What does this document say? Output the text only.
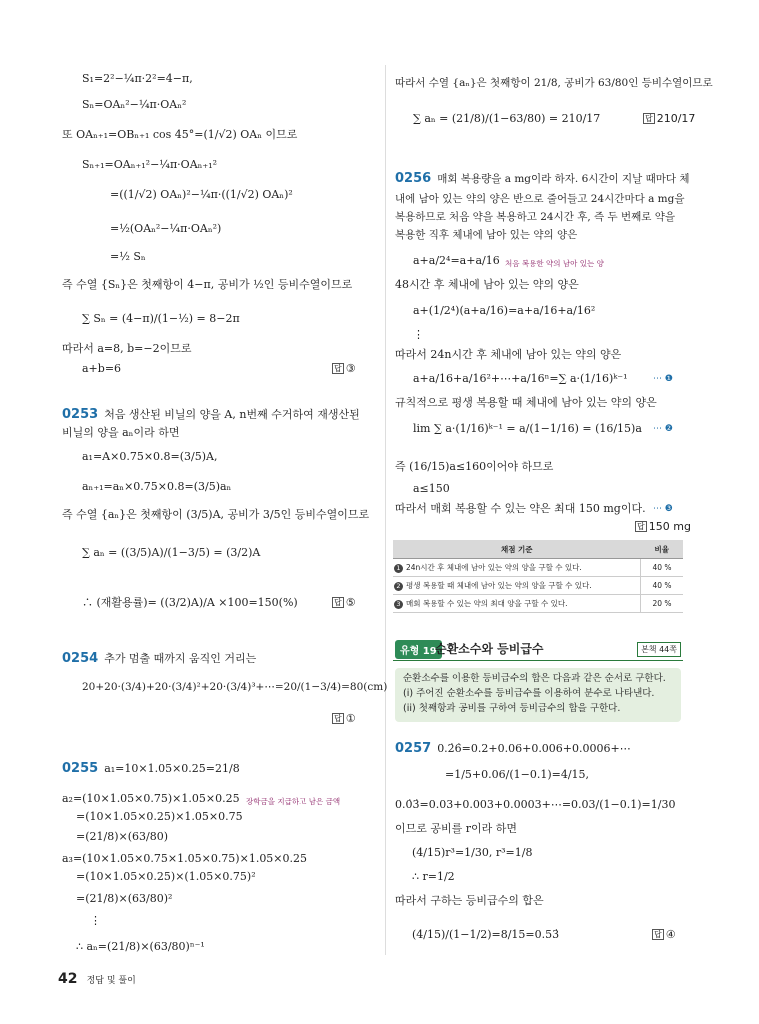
S₁=2²−¼π·2²=4−π,
Sₙ=OAₙ²−¼π·OAₙ²
또 OAₙ₊₁=OBₙ₊₁ cos 45°=(1/√2) OAₙ 이므로
Sₙ₊₁=OAₙ₊₁²−¼π·OAₙ₊₁²
=((1/√2) OAₙ)²−¼π·((1/√2) OAₙ)²
=½(OAₙ²−¼π·OAₙ²)
=½ Sₙ
즉 수열 {Sₙ}은 첫째항이 4−π, 공비가 ½인 등비수열이므로
∑ Sₙ = (4−π)/(1−½) = 8−2π
따라서 a=8, b=−2이므로
a+b=6	답 ③
0253 처음 생산된 비닐의 양을 A, n번째 수거하여 재생산된
비닐의 양을 aₙ이라 하면
a₁=A×0.75×0.8=(3/5)A,
aₙ₊₁=aₙ×0.75×0.8=(3/5)aₙ
즉 수열 {aₙ}은 첫째항이 (3/5)A, 공비가 3/5인 등비수열이므로
∑ aₙ = ((3/5)A)/(1−3/5) = (3/2)A
∴ (재활용률)= ((3/2)A)/A ×100=150(%)	답 ⑤
0254 추가 멈출 때까지 움직인 거리는
20+20·(3/4)+20·(3/4)²+20·(3/4)³+⋯=20/(1−3/4)=80(cm)
답 ①
0255 a₁=10×1.05×0.25=21/8
a₂=(10×1.05×0.75)×1.05×0.25 장학금을 지급하고 남은 금액
=(10×1.05×0.25)×1.05×0.75
=(21/8)×(63/80)
a₃=(10×1.05×0.75×1.05×0.75)×1.05×0.25
=(10×1.05×0.25)×(1.05×0.75)²
=(21/8)×(63/80)²
⋮
∴ aₙ=(21/8)×(63/80)ⁿ⁻¹
따라서 수열 {aₙ}은 첫째항이 21/8, 공비가 63/80인 등비수열이므로
∑ aₙ = (21/8)/(1−63/80) = 210/17	답 210/17
0256 매회 복용량을 a mg이라 하자. 6시간이 지날 때마다 체
내에 남아 있는 약의 양은 반으로 줄어들고 24시간마다 a mg을
복용하므로 처음 약을 복용하고 24시간 후, 즉 두 번째로 약을
복용한 직후 체내에 남아 있는 약의 양은
a+a/2⁴=a+a/16 처음 복용한 약의 남아 있는 양
48시간 후 체내에 남아 있는 약의 양은
a+(1/2⁴)(a+a/16)=a+a/16+a/16²
⋮
따라서 24n시간 후 체내에 남아 있는 약의 양은
a+a/16+a/16²+⋯+a/16ⁿ=∑ a·(1/16)ᵏ⁻¹	⋯ ❶
규칙적으로 평생 복용할 때 체내에 남아 있는 약의 양은
lim ∑ a·(1/16)ᵏ⁻¹ = a/(1−1/16) = (16/15)a ⋯ ❷
즉 (16/15)a≤160이어야 하므로
a≤150
따라서 매회 복용할 수 있는 약은 최대 150 mg이다. ⋯ ❸
답 150 mg
채점 기준	비율
1 24n시간 후 체내에 남아 있는 약의 양을 구할 수 있다.	40 %
2 평생 복용할 때 체내에 남아 있는 약의 양을 구할 수 있다.	40 %
3 매회 복용할 수 있는 약의 최대 양을 구할 수 있다.	20 %
유형 19
순환소수와 등비급수	본책 44쪽
순환소수를 이용한 등비급수의 합은 다음과 같은 순서로 구한다.
(i) 주어진 순환소수를 등비급수를 이용하여 분수로 나타낸다.
(ii) 첫째항과 공비를 구하여 등비급수의 합을 구한다.
0257 0.2̇6̇=0.2+0.06+0.006+0.0006+⋯
=1/5+0.06/(1−0.1)=4/15,
0.0̇3̇=0.03+0.003+0.0003+⋯=0.03/(1−0.1)=1/30
이므로 공비를 r이라 하면
(4/15)r³=1/30, r³=1/8
∴ r=1/2
따라서 구하는 등비급수의 합은
(4/15)/(1−1/2)=8/15=0.53̇	답 ④
42 정답 및 풀이
